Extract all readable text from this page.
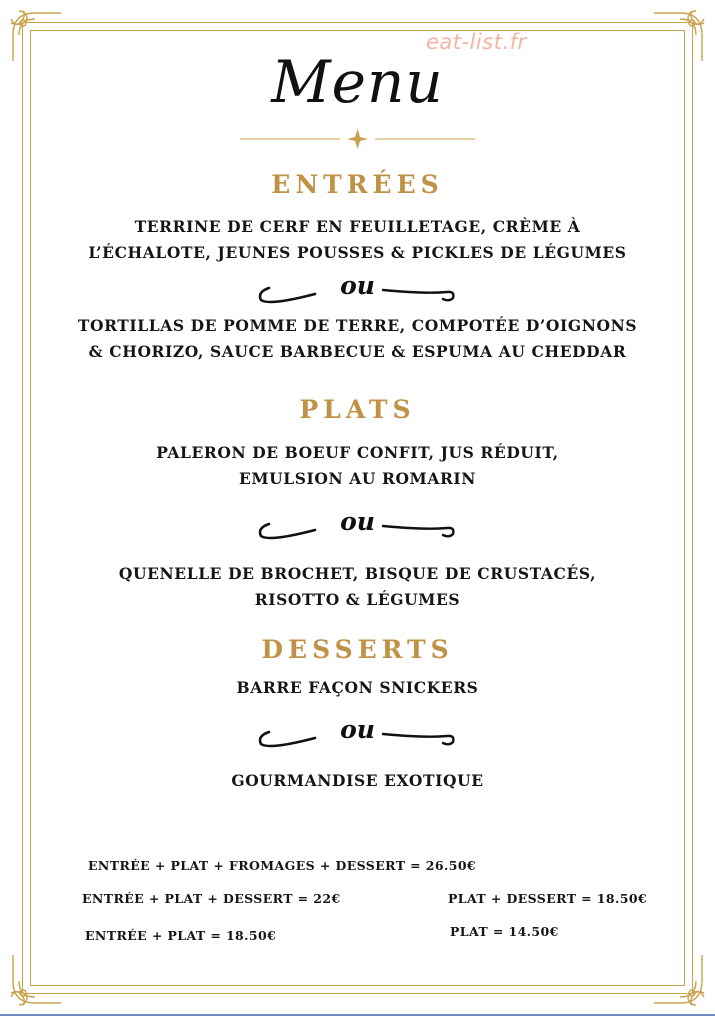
eat-list.fr
Menu
ENTRÉES
TERRINE DE CERF EN FEUILLETAGE, CRÈME À
L’ÉCHALOTE, JEUNES POUSSES & PICKLES DE LÉGUMES
ou
TORTILLAS DE POMME DE TERRE, COMPOTÉE D’OIGNONS
& CHORIZO, SAUCE BARBECUE & ESPUMA AU CHEDDAR
PLATS
PALERON DE BOEUF CONFIT, JUS RÉDUIT,
EMULSION AU ROMARIN
ou
QUENELLE DE BROCHET, BISQUE DE CRUSTACÉS,
RISOTTO & LÉGUMES
DESSERTS
BARRE FAÇON SNICKERS
ou
GOURMANDISE EXOTIQUE
ENTRÉE + PLAT + FROMAGES + DESSERT = 26.50€
ENTRÉE + PLAT + DESSERT = 22€	PLAT + DESSERT = 18.50€
ENTRÉE + PLAT = 18.50€	PLAT = 14.50€
